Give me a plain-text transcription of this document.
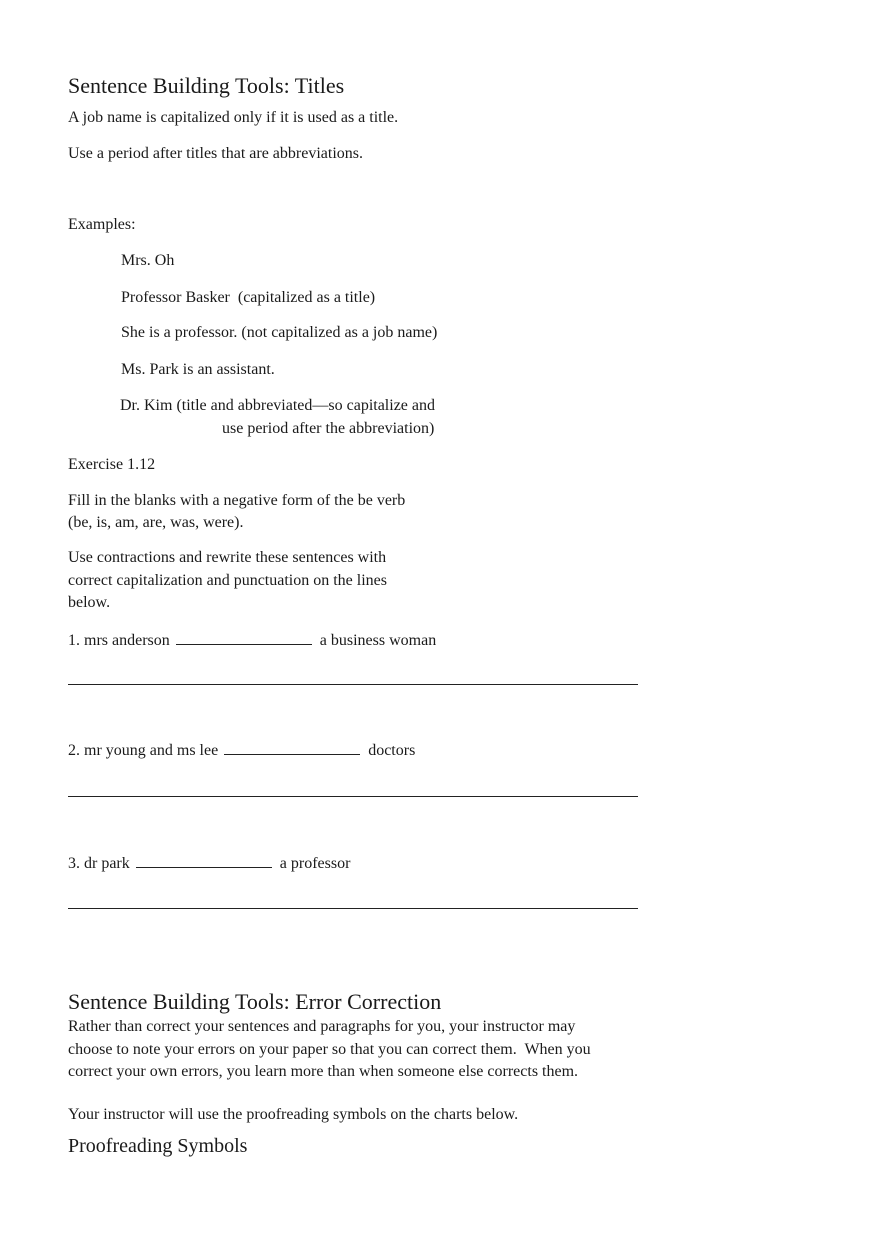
Sentence Building Tools: Titles
A job name is capitalized only if it is used as a title.
Use a period after titles that are abbreviations.
Examples:
Mrs. Oh
Professor Basker  (capitalized as a title)
She is a professor. (not capitalized as a job name)
Ms. Park is an assistant.
Dr. Kim (title and abbreviated—so capitalize and
use period after the abbreviation)
Exercise 1.12
Fill in the blanks with a negative form of the be verb
(be, is, am, are, was, were).
Use contractions and rewrite these sentences with
correct capitalization and punctuation on the lines
below.
1. mrs anderson	a business woman
2. mr young and ms lee	doctors
3. dr park	a professor
Sentence Building Tools: Error Correction
Rather than correct your sentences and paragraphs for you, your instructor may
choose to note your errors on your paper so that you can correct them.  When you
correct your own errors, you learn more than when someone else corrects them.
Your instructor will use the proofreading symbols on the charts below.
Proofreading Symbols
